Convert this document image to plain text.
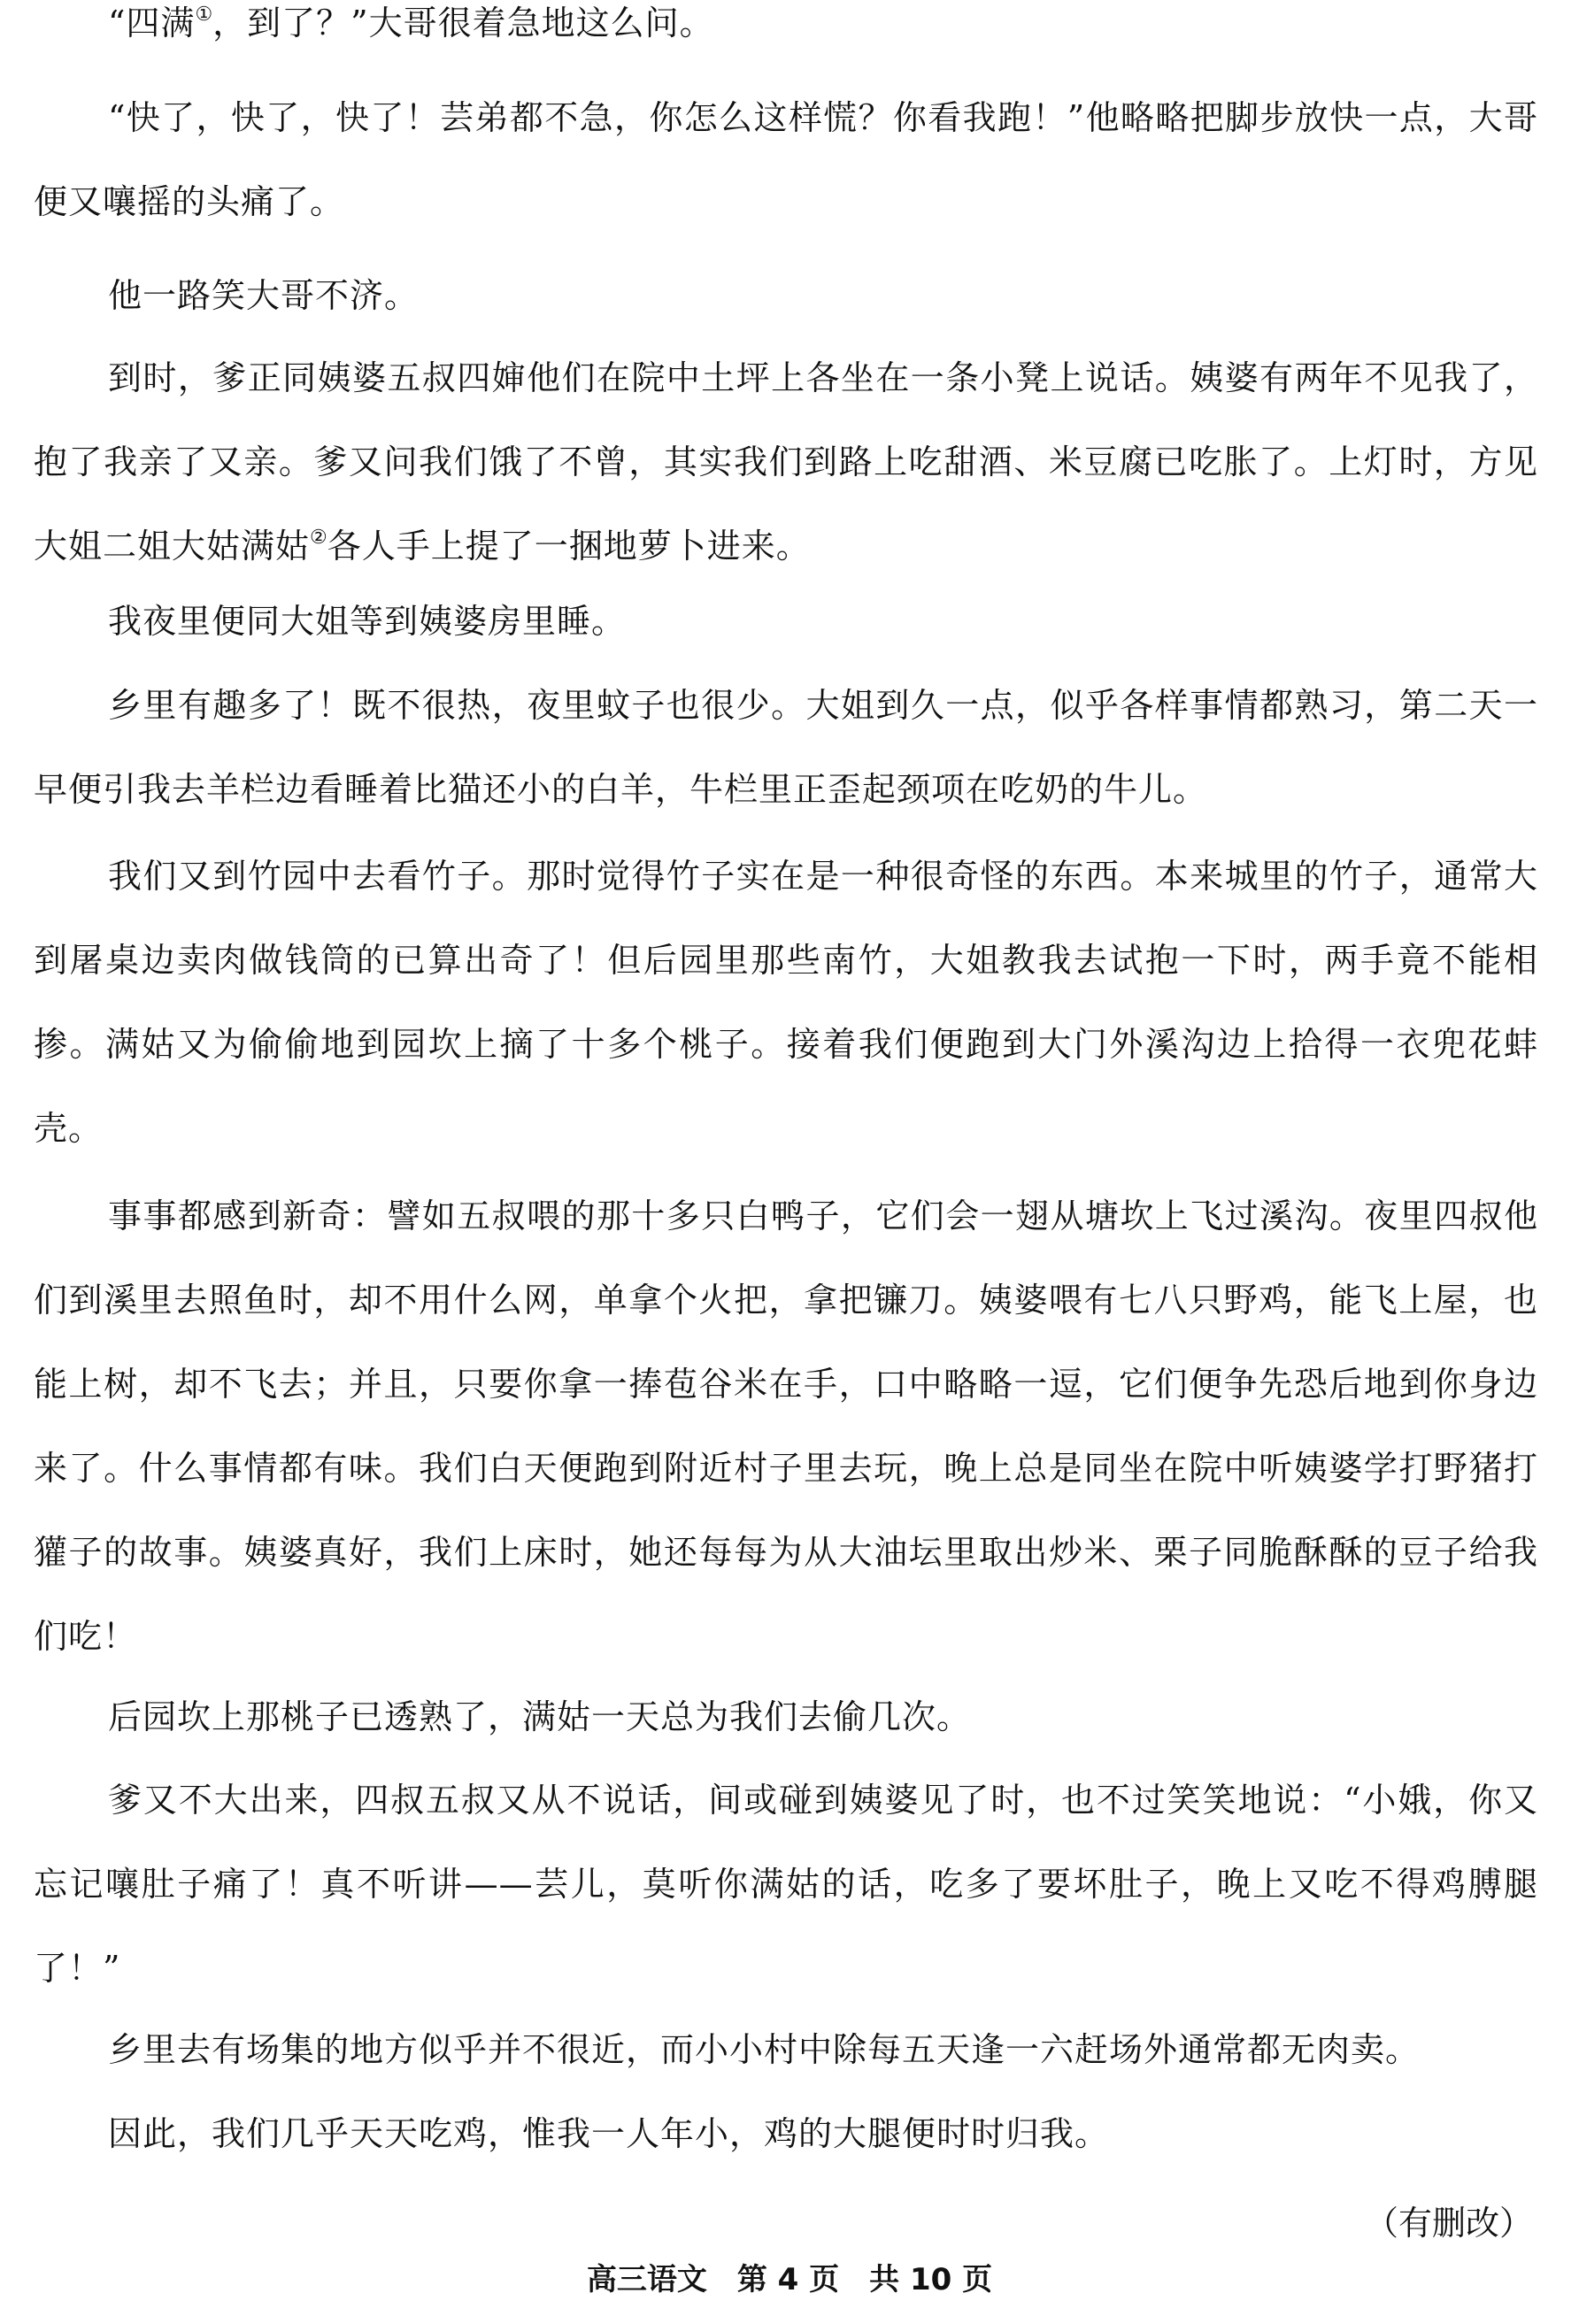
“四满①，到了？”大哥很着急地这么问。

“快了，快了，快了！芸弟都不急，你怎么这样慌？你看我跑！”他略略把脚步放快一点，大哥便又嚷摇的头痛了。

他一路笑大哥不济。

到时，爹正同姨婆五叔四婶他们在院中土坪上各坐在一条小凳上说话。姨婆有两年不见我了，抱了我亲了又亲。爹又问我们饿了不曾，其实我们到路上吃甜酒、米豆腐已吃胀了。上灯时，方见大姐二姐大姑满姑②各人手上提了一捆地萝卜进来。

我夜里便同大姐等到姨婆房里睡。

乡里有趣多了！既不很热，夜里蚊子也很少。大姐到久一点，似乎各样事情都熟习，第二天一早便引我去羊栏边看睡着比猫还小的白羊，牛栏里正歪起颈项在吃奶的牛儿。

我们又到竹园中去看竹子。那时觉得竹子实在是一种很奇怪的东西。本来城里的竹子，通常大到屠桌边卖肉做钱筒的已算出奇了！但后园里那些南竹，大姐教我去试抱一下时，两手竟不能相掺。满姑又为偷偷地到园坎上摘了十多个桃子。接着我们便跑到大门外溪沟边上拾得一衣兜花蚌壳。

事事都感到新奇：譬如五叔喂的那十多只白鸭子，它们会一翅从塘坎上飞过溪沟。夜里四叔他们到溪里去照鱼时，却不用什么网，单拿个火把，拿把镰刀。姨婆喂有七八只野鸡，能飞上屋，也能上树，却不飞去；并且，只要你拿一捧苞谷米在手，口中略略一逗，它们便争先恐后地到你身边来了。什么事情都有味。我们白天便跑到附近村子里去玩，晚上总是同坐在院中听姨婆学打野猪打獾子的故事。姨婆真好，我们上床时，她还每每为从大油坛里取出炒米、栗子同脆酥酥的豆子给我们吃！

后园坎上那桃子已透熟了，满姑一天总为我们去偷几次。

爹又不大出来，四叔五叔又从不说话，间或碰到姨婆见了时，也不过笑笑地说：“小娥，你又忘记嚷肚子痛了！真不听讲——芸儿，莫听你满姑的话，吃多了要坏肚子，晚上又吃不得鸡膊腿了！”

乡里去有场集的地方似乎并不很近，而小小村中除每五天逢一六赶场外通常都无肉卖。

因此，我们几乎天天吃鸡，惟我一人年小，鸡的大腿便时时归我。

（有删改）
高三语文　第 4 页　共 10 页
